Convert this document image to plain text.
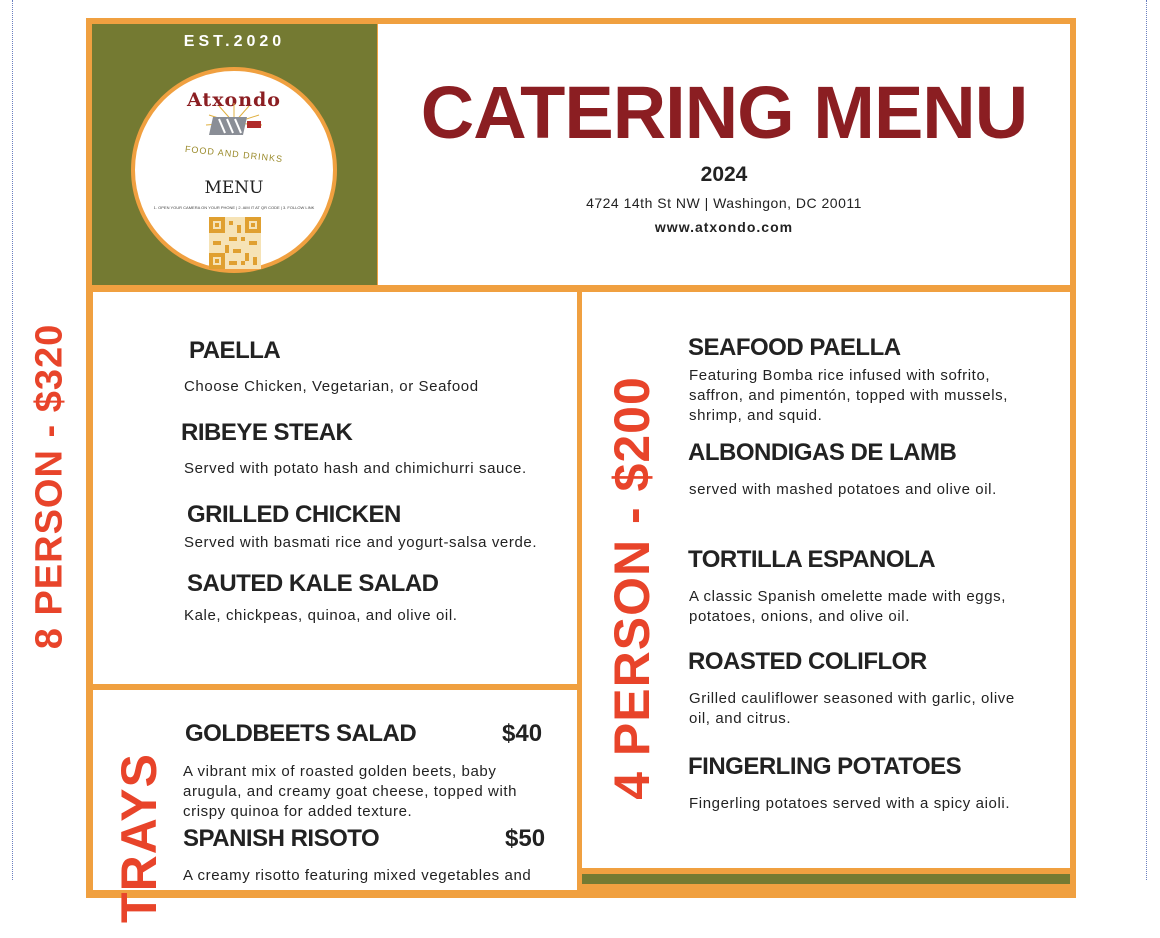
EST.2020
Atxondo
FOOD AND DRINKS
MENU
1. OPEN YOUR CAMERA ON YOUR PHONE | 2. AIM IT AT QR CODE | 3. FOLLOW LINK
CATERING MENU
2024
4724 14th St NW | Washingon, DC 20011
www.atxondo.com
8 PERSON - $320	PAELLA
Choose Chicken, Vegetarian, or Seafood
RIBEYE STEAK
Served with potato hash and chimichurri sauce.
GRILLED CHICKEN
Served with basmati rice and yogurt-salsa verde.
SAUTED KALE SALAD
Kale, chickpeas, quinoa, and olive oil.	4 PERSON - $200
SEAFOOD PAELLA
Featuring Bomba rice infused with sofrito, saffron, and pimentón, topped with mussels, shrimp, and squid.
ALBONDIGAS DE LAMB
served with mashed potatoes and olive oil.
TORTILLA ESPANOLA
A classic Spanish omelette made with eggs, potatoes, onions, and olive oil.
ROASTED COLIFLOR
Grilled cauliflower seasoned with garlic, olive oil, and citrus.
FINGERLING POTATOES
Fingerling potatoes served with a spicy aioli.
TRAYS
GOLDBEETS SALAD	$40
A vibrant mix of roasted golden beets, baby arugula, and creamy goat cheese, topped with crispy quinoa for added texture.
SPANISH RISOTO	$50
A creamy risotto featuring mixed vegetables and
